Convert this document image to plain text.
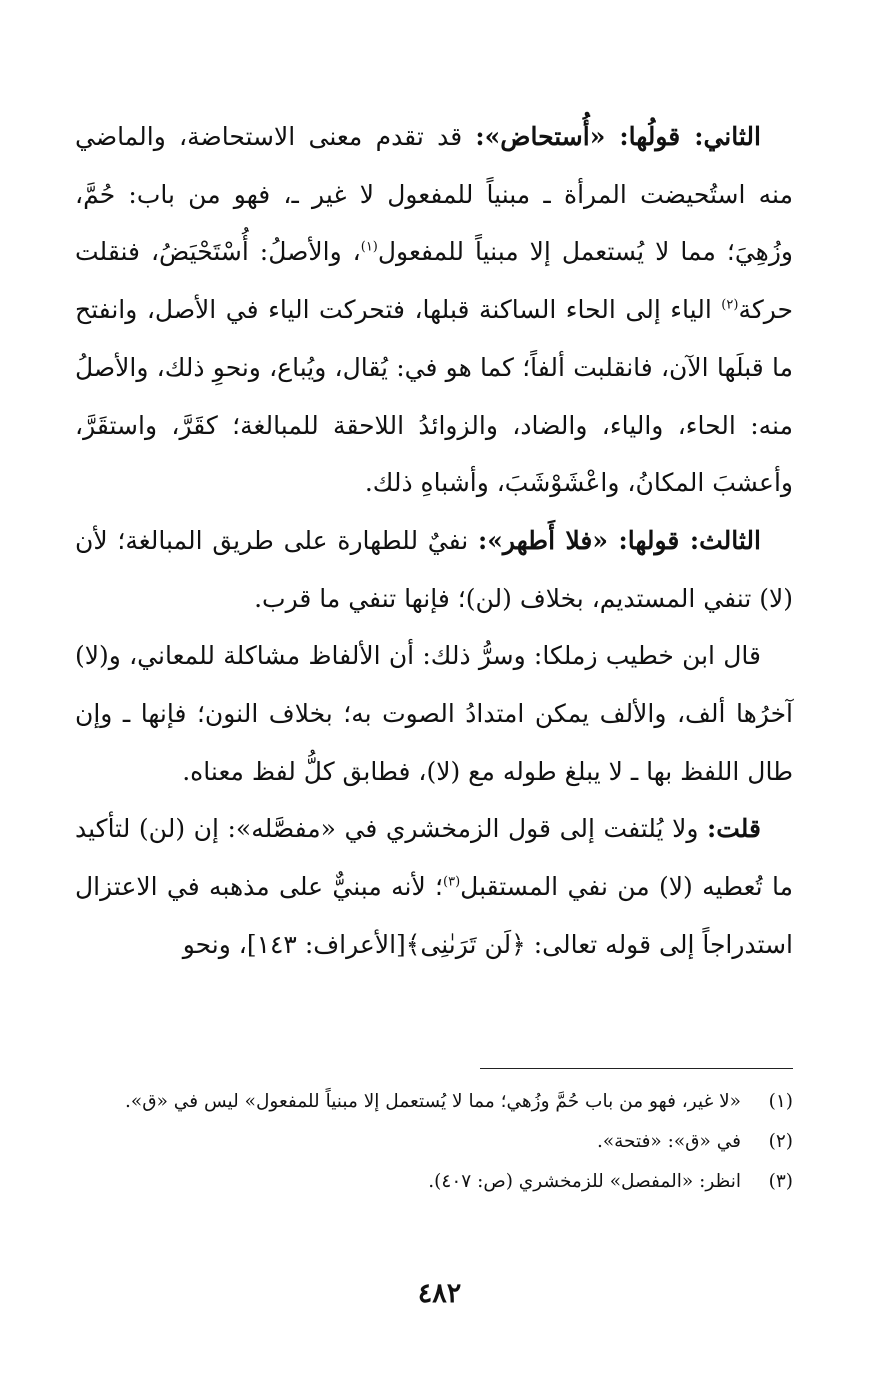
الثاني: قولُها: «أُستحاض»: قد تقدم معنى الاستحاضة، والماضي منه استُحيضت المرأة ـ مبنياً للمفعول لا غير ـ، فهو من باب: حُمَّ، وزُهِيَ؛ مما لا يُستعمل إلا مبنياً للمفعول$^{(١)}$، والأصلُ: أُسْتَحْيَضُ، فنقلت حركة$^{(٢)}$ الياء إلى الحاء الساكنة قبلها، فتحركت الياء في الأصل، وانفتح ما قبلَها الآن، فانقلبت ألفاً؛ كما هو في: يُقال، ويُباع، ونحوِ ذلك، والأصلُ منه: الحاء، والياء، والضاد، والزوائدُ اللاحقة للمبالغة؛ كقَرَّ، واستقَرَّ، وأعشبَ المكانُ، واعْشَوْشَبَ، وأشباهِ ذلك.

الثالث: قولها: «فلا أَطهر»: نفيٌ للطهارة على طريق المبالغة؛ لأن (لا) تنفي المستديم، بخلاف (لن)؛ فإنها تنفي ما قرب.

قال ابن خطيب زملكا: وسرُّ ذلك: أن الألفاظ مشاكلة للمعاني، و(لا) آخرُها ألف، والألف يمكن امتدادُ الصوت به؛ بخلاف النون؛ فإنها ـ وإن طال اللفظ بها ـ لا يبلغ طوله مع (لا)، فطابق كلُّ لفظ معناه.

قلت: ولا يُلتفت إلى قول الزمخشري في «مفصَّله»: إن (لن) لتأكيد ما تُعطيه (لا) من نفي المستقبل$^{(٣)}$؛ لأنه مبنيٌّ على مذهبه في الاعتزال استدراجاً إلى قوله تعالى: ﴿لَن تَرَىٰنِى﴾[الأعراف: ١٤٣]، ونحو

(١)
«لا غير، فهو من باب حُمَّ وزُهي؛ مما لا يُستعمل إلا مبنياً للمفعول» ليس في «ق».
(٢)
في «ق»: «فتحة».
(٣)
انظر: «المفصل» للزمخشري (ص: ٤٠٧).
٤٨٢
